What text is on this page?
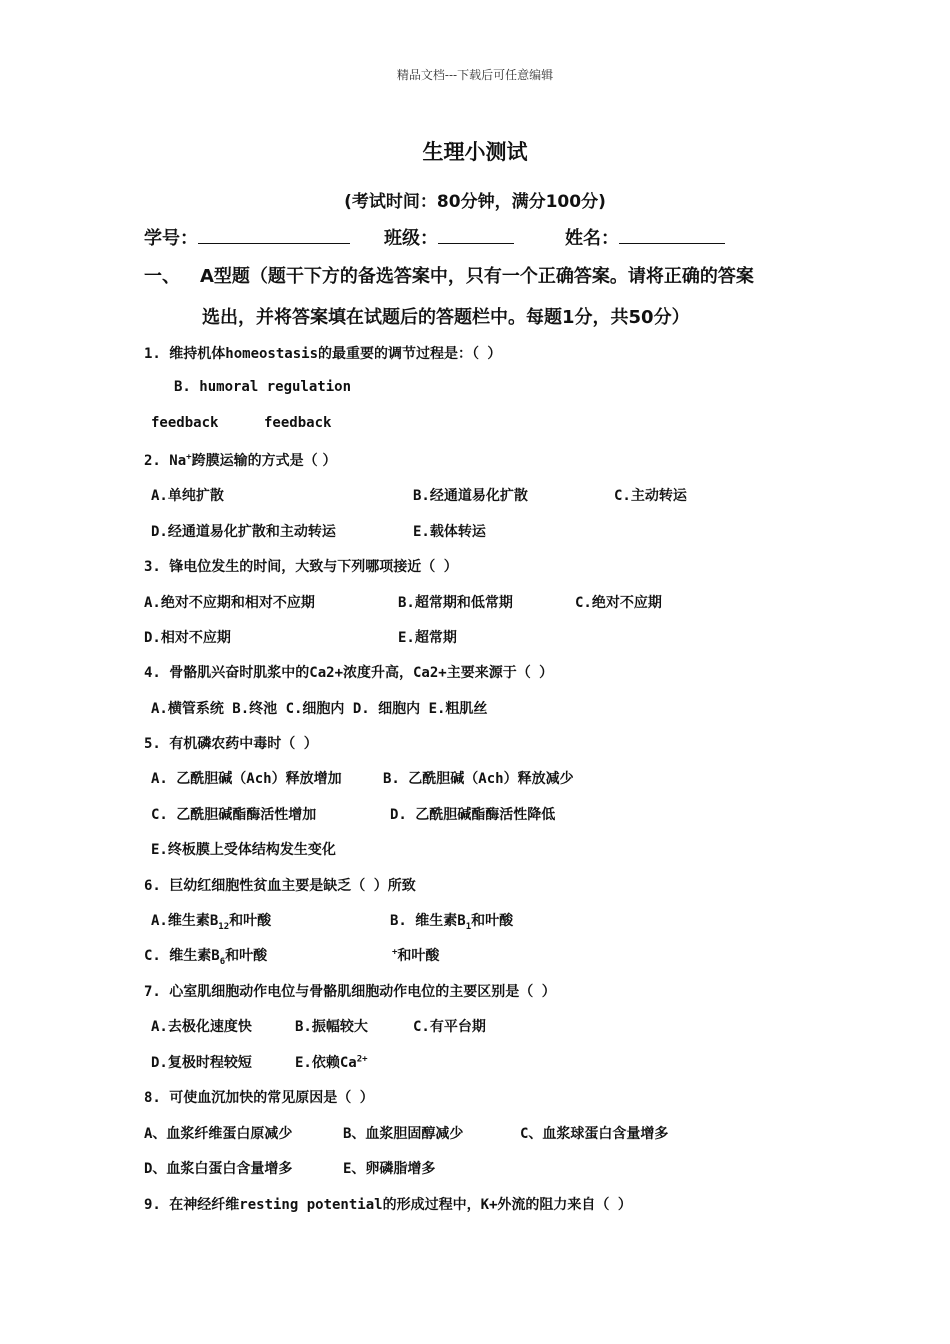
精品文档---下载后可任意编辑
生理小测试
(考试时间：80分钟，满分100分)
学号：	班级：	姓名：
一、 A型题（题干下方的备选答案中，只有一个正确答案。请将正确的答案
选出，并将答案填在试题后的答题栏中。每题1分，共50分）
1. 维持机体homeostasis的最重要的调节过程是：（ ）
B. humoral regulation
feedback	feedback
2. Na+跨膜运输的方式是（ ）
A.单纯扩散	B.经通道易化扩散	C.主动转运
D.经通道易化扩散和主动转运	E.载体转运
3. 锋电位发生的时间，大致与下列哪项接近（ ）
A.绝对不应期和相对不应期	B.超常期和低常期	C.绝对不应期
D.相对不应期	E.超常期
4. 骨骼肌兴奋时肌浆中的Ca2+浓度升高，Ca2+主要来源于（ ）
A.横管系统 B.终池 C.细胞内 D. 细胞内 E.粗肌丝
5. 有机磷农药中毒时（ ）
A. 乙酰胆碱（Ach）释放增加	B. 乙酰胆碱（Ach）释放减少
C. 乙酰胆碱酯酶活性增加	D. 乙酰胆碱酯酶活性降低
E.终板膜上受体结构发生变化
6. 巨幼红细胞性贫血主要是缺乏（ ）所致
A.维生素$B_{12}$和叶酸	B. 维生素$B_1$和叶酸
C. 维生素$B_6$和叶酸	+和叶酸
7. 心室肌细胞动作电位与骨骼肌细胞动作电位的主要区别是（ ）
A.去极化速度快	B.振幅较大	C.有平台期
D.复极时程较短	E.依赖$Ca^{2+}$
8. 可使血沉加快的常见原因是（ ）
A、血浆纤维蛋白原减少	B、血浆胆固醇减少	C、血浆球蛋白含量增多
D、血浆白蛋白含量增多	E、卵磷脂增多
9. 在神经纤维resting potential的形成过程中，K+外流的阻力来自（ ）
